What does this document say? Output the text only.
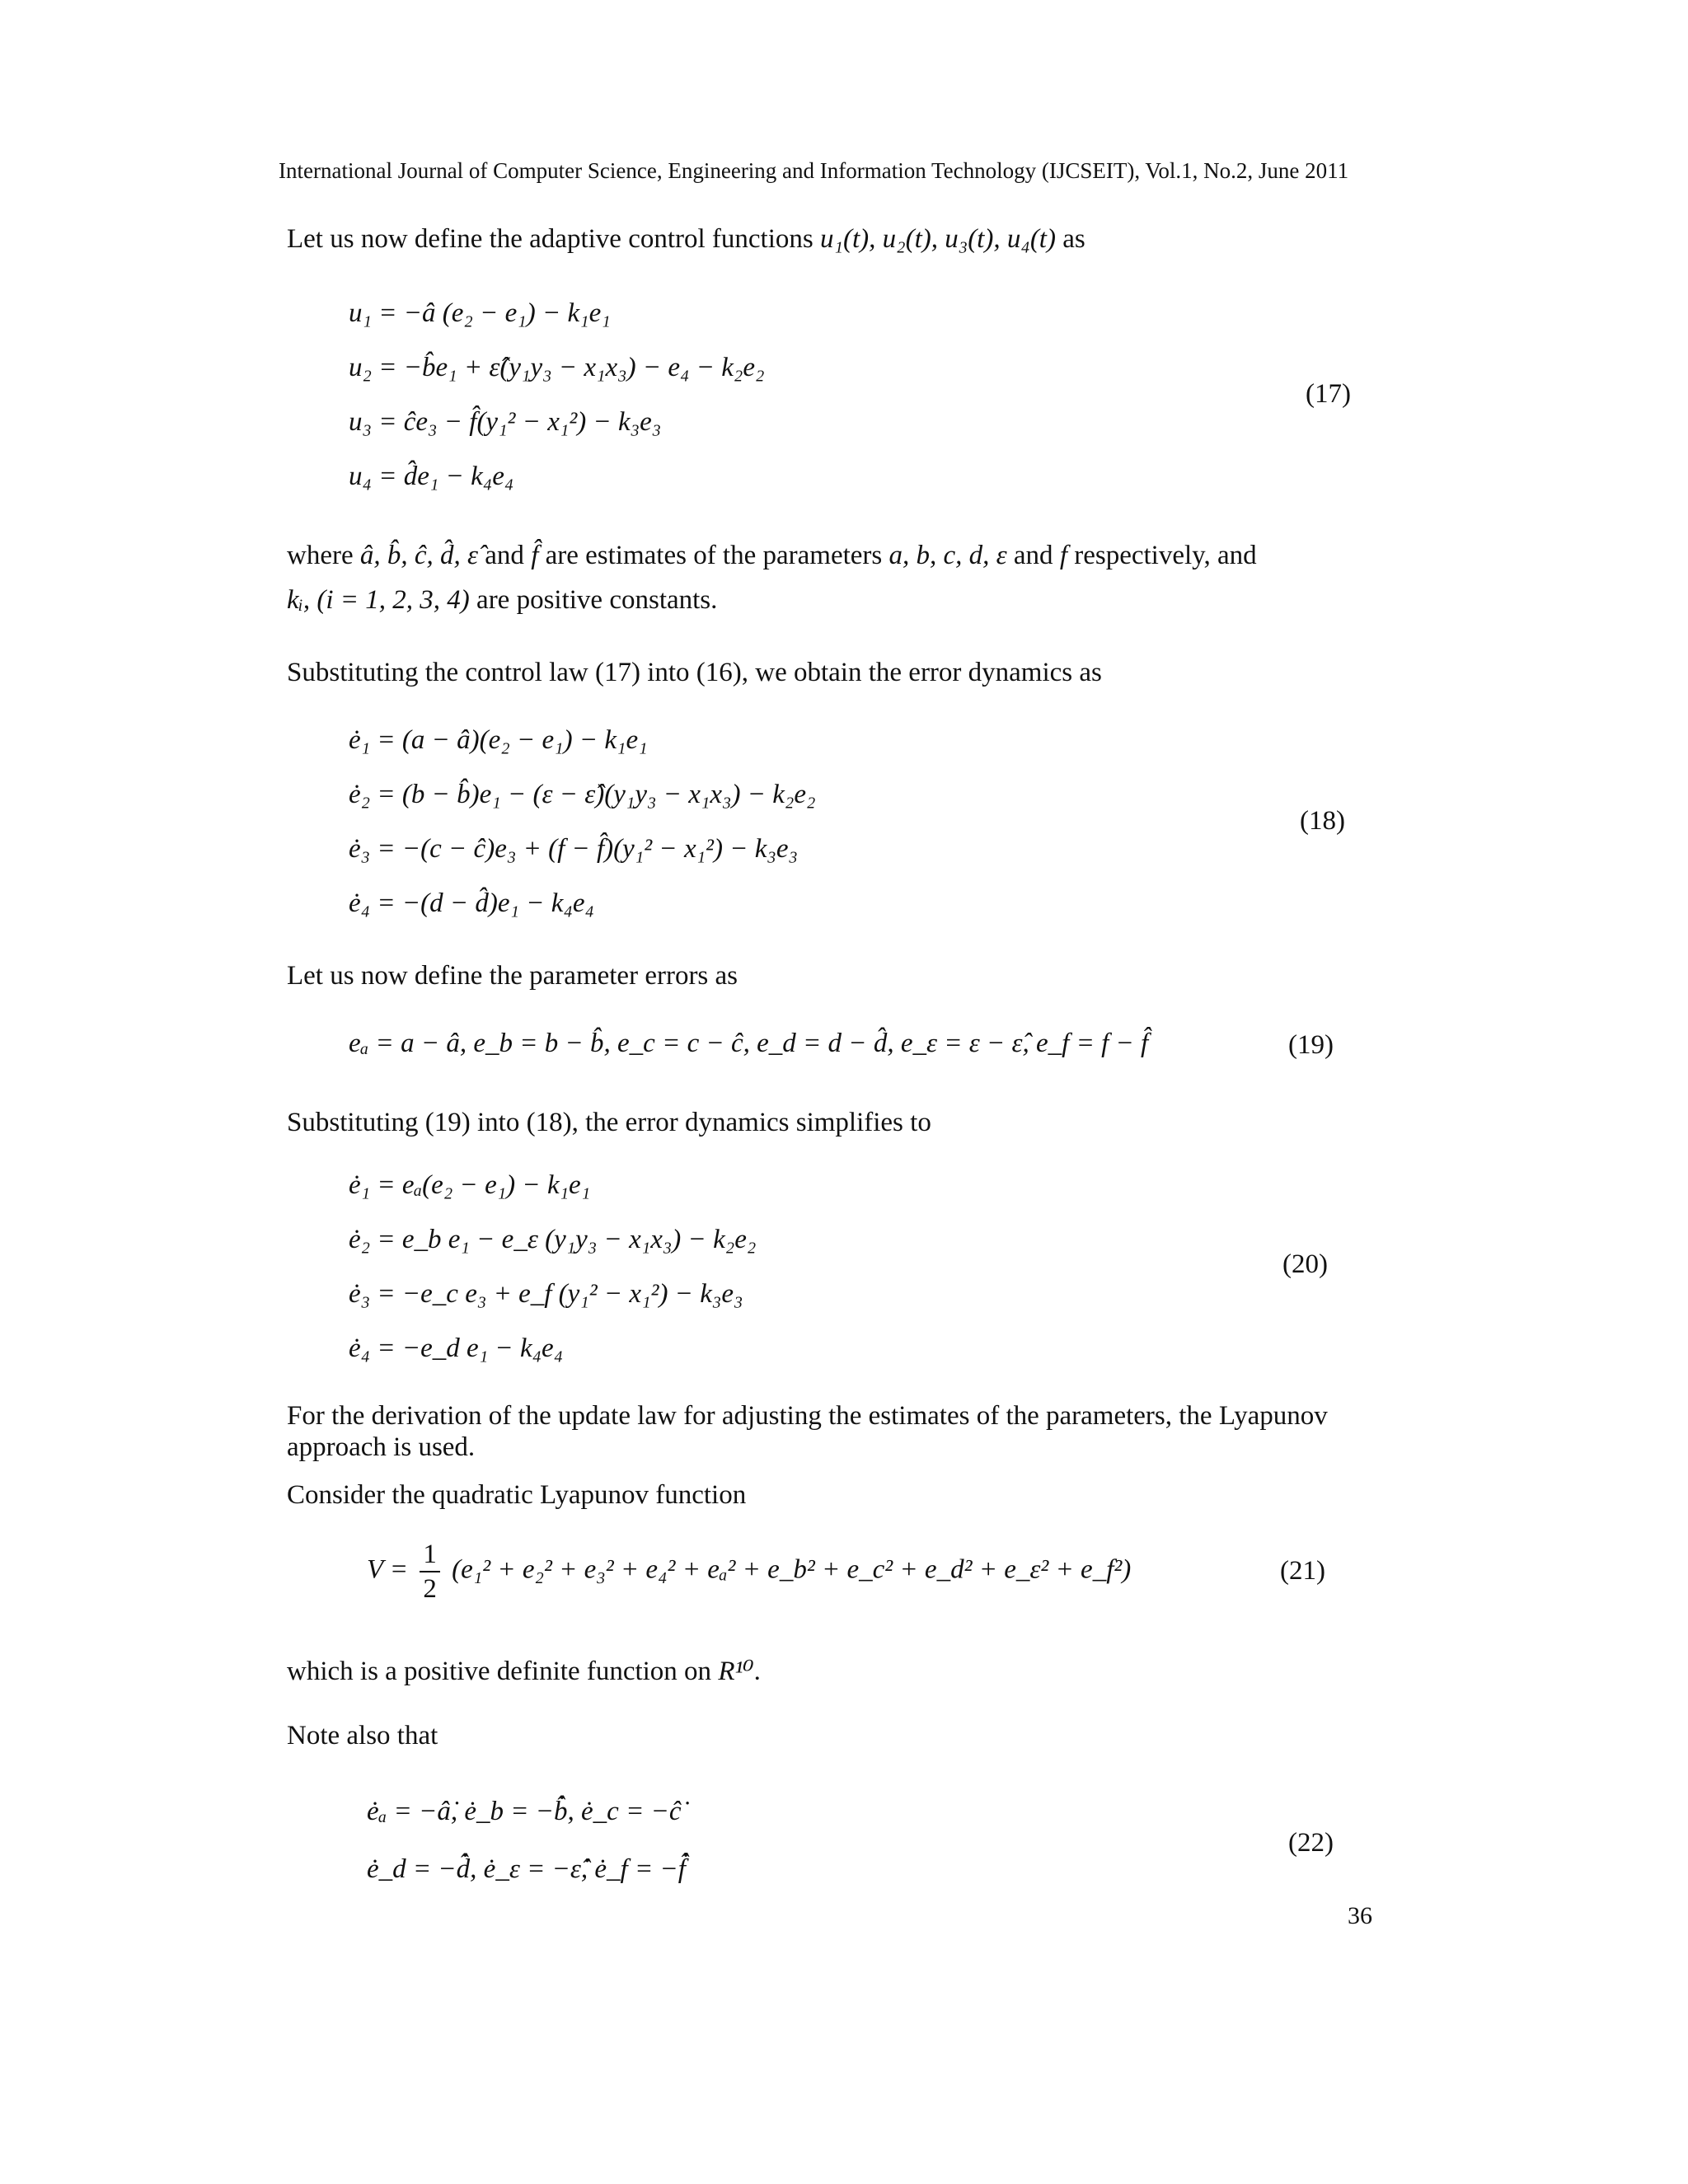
International Journal of Computer Science, Engineering and Information Technology (IJCSEIT), Vol.1, No.2, June 2011
Let us now define the adaptive control functions u₁(t), u₂(t), u₃(t), u₄(t) as
u₁ = −â (e₂ − e₁) − k₁e₁
u₂ = −b̂e₁ + ε̂(y₁y₃ − x₁x₃) − e₄ − k₂e₂
u₃ = ĉe₃ − f̂(y₁² − x₁²) − k₃e₃
u₄ = d̂e₁ − k₄e₄
(17)
where â, b̂, ĉ, d̂, ε̂ and f̂ are estimates of the parameters a, b, c, d, ε and f respectively, and
kᵢ, (i = 1, 2, 3, 4) are positive constants.
Substituting the control law (17) into (16), we obtain the error dynamics as
ė₁ = (a − â)(e₂ − e₁) − k₁e₁
ė₂ = (b − b̂)e₁ − (ε − ε̂)(y₁y₃ − x₁x₃) − k₂e₂
ė₃ = −(c − ĉ)e₃ + (f − f̂)(y₁² − x₁²) − k₃e₃
ė₄ = −(d − d̂)e₁ − k₄e₄
(18)
Let us now define the parameter errors as
eₐ = a − â, e_b = b − b̂, e_c = c − ĉ, e_d = d − d̂, e_ε = ε − ε̂, e_f = f − f̂	(19)
Substituting (19) into (18), the error dynamics simplifies to
ė₁ = eₐ(e₂ − e₁) − k₁e₁
ė₂ = e_b e₁ − e_ε (y₁y₃ − x₁x₃) − k₂e₂
ė₃ = −e_c e₃ + e_f (y₁² − x₁²) − k₃e₃
ė₄ = −e_d e₁ − k₄e₄
(20)
For the derivation of the update law for adjusting the estimates of the parameters, the Lyapunov
approach is used.
Consider the quadratic Lyapunov function
$V = \frac{1}{2} (e_1^2 + e_2^2 + e_3^2 + e_4^2 + e_a^2$ + e_b² + e_c² + e_d² + e_ε² + e_f²)	(21)
which is a positive definite function on R¹⁰.
Note also that
ėₐ = −â̇, ė_b = −b̂̇, ė_c = −ĉ̇
ė_d = −d̂̇, ė_ε = −ε̂̇, ė_f = −f̂̇
(22)
36
